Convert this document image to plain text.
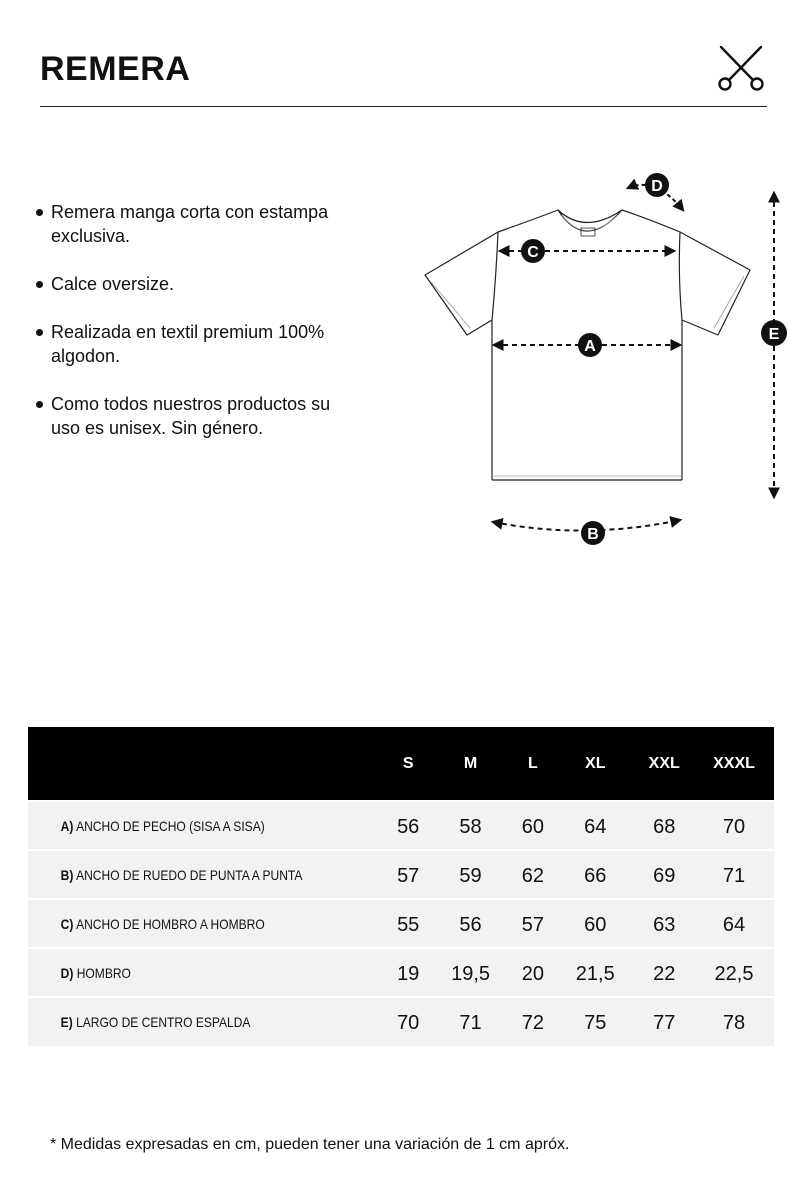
REMERA
Remera manga corta con estampa exclusiva.
Calce oversize.
Realizada en textil premium 100% algodon.
Como todos nuestros productos su uso es unisex. Sin género.
C
A
B
D
E
	S	M	L	XL	XXL	XXXL
A) ANCHO DE PECHO (SISA A SISA)	56	58	60	64	68	70
B) ANCHO DE RUEDO DE PUNTA A PUNTA	57	59	62	66	69	71
C) ANCHO DE HOMBRO A HOMBRO	55	56	57	60	63	64
D) HOMBRO	19	19,5	20	21,5	22	22,5
E) LARGO DE CENTRO ESPALDA	70	71	72	75	77	78

* Medidas expresadas en cm, pueden tener una variación de 1 cm apróx.
